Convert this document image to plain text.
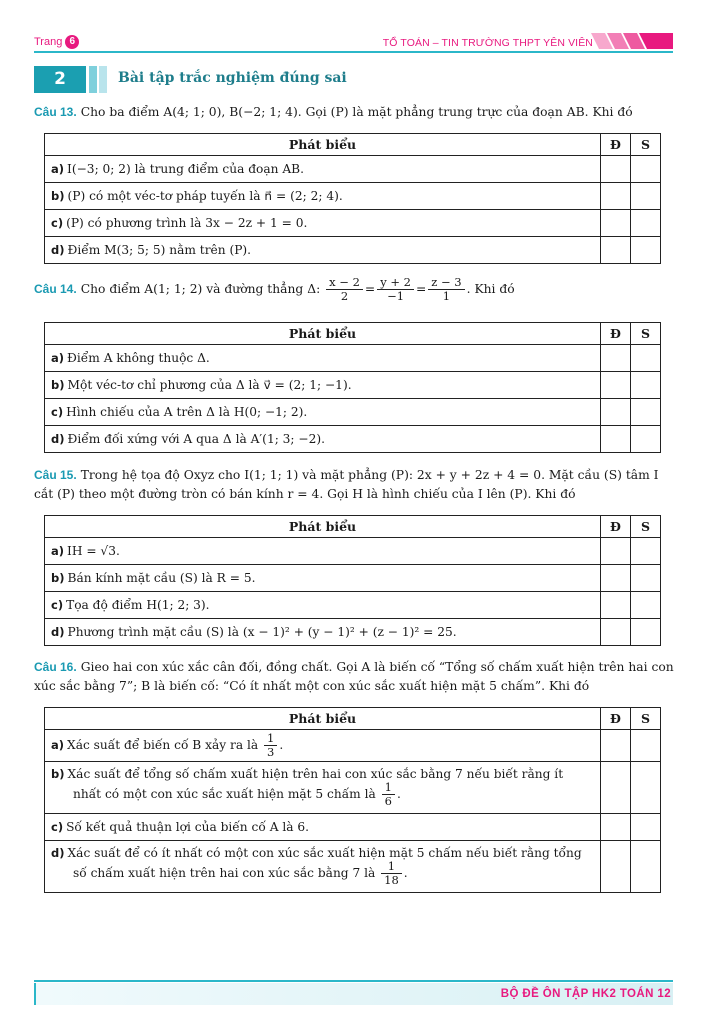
Trang 6	TỔ TOÁN – TIN TRƯỜNG THPT YÊN VIÊN
2	Bài tập trắc nghiệm đúng sai
Câu 13. Cho ba điểm A(4; 1; 0), B(−2; 1; 4). Gọi (P) là mặt phẳng trung trực của đoạn AB. Khi đó
Phát biểu	Đ	S
a) I(−3; 0; 2) là trung điểm của đoạn AB.		
b) (P) có một véc-tơ pháp tuyến là n⃗ = (2; 2; 4).		
c) (P) có phương trình là 3x − 2z + 1 = 0.		
d) Điểm M(3; 5; 5) nằm trên (P).		
Câu 14. Cho điểm A(1; 1; 2) và đường thẳng Δ: $\frac{x - 2}{2} = \frac{y + 2}{-1} = \frac{z - 3}{1}$ . Khi đó
Phát biểu	Đ	S
a) Điểm A không thuộc Δ.		
b) Một véc-tơ chỉ phương của Δ là v⃗ = (2; 1; −1).		
c) Hình chiếu của A trên Δ là H(0; −1; 2).		
d) Điểm đối xứng với A qua Δ là A′(1; 3; −2).		
Câu 15. Trong hệ tọa độ Oxyz cho I(1; 1; 1) và mặt phẳng (P): 2x + y + 2z + 4 = 0. Mặt cầu (S) tâm I cắt (P) theo một đường tròn có bán kính r = 4. Gọi H là hình chiếu của I lên (P). Khi đó
Phát biểu	Đ	S
a) IH = √3.		
b) Bán kính mặt cầu (S) là R = 5.		
c) Tọa độ điểm H(1; 2; 3).		
d) Phương trình mặt cầu (S) là (x − 1)² + (y − 1)² + (z − 1)² = 25.		
Câu 16. Gieo hai con xúc xắc cân đối, đồng chất. Gọi A là biến cố “Tổng số chấm xuất hiện trên hai con xúc sắc bằng 7”; B là biến cố: “Có ít nhất một con xúc sắc xuất hiện mặt 5 chấm”. Khi đó
Phát biểu	Đ	S
a) Xác suất để biến cố B xảy ra là $\frac{1}{3}$ .		
b) Xác suất để tổng số chấm xuất hiện trên hai con xúc sắc bằng 7 nếu biết rằng ít
nhất có một con xúc sắc xuất hiện mặt 5 chấm là $\frac{1}{6}$ .		

c) Số kết quả thuận lợi của biến cố A là 6.		
d) Xác suất để có ít nhất có một con xúc sắc xuất hiện mặt 5 chấm nếu biết rằng tổng
số chấm xuất hiện trên hai con xúc sắc bằng 7 là $\frac{1}{18}$ .		

BỘ ĐỀ ÔN TẬP HK2 TOÁN 12
